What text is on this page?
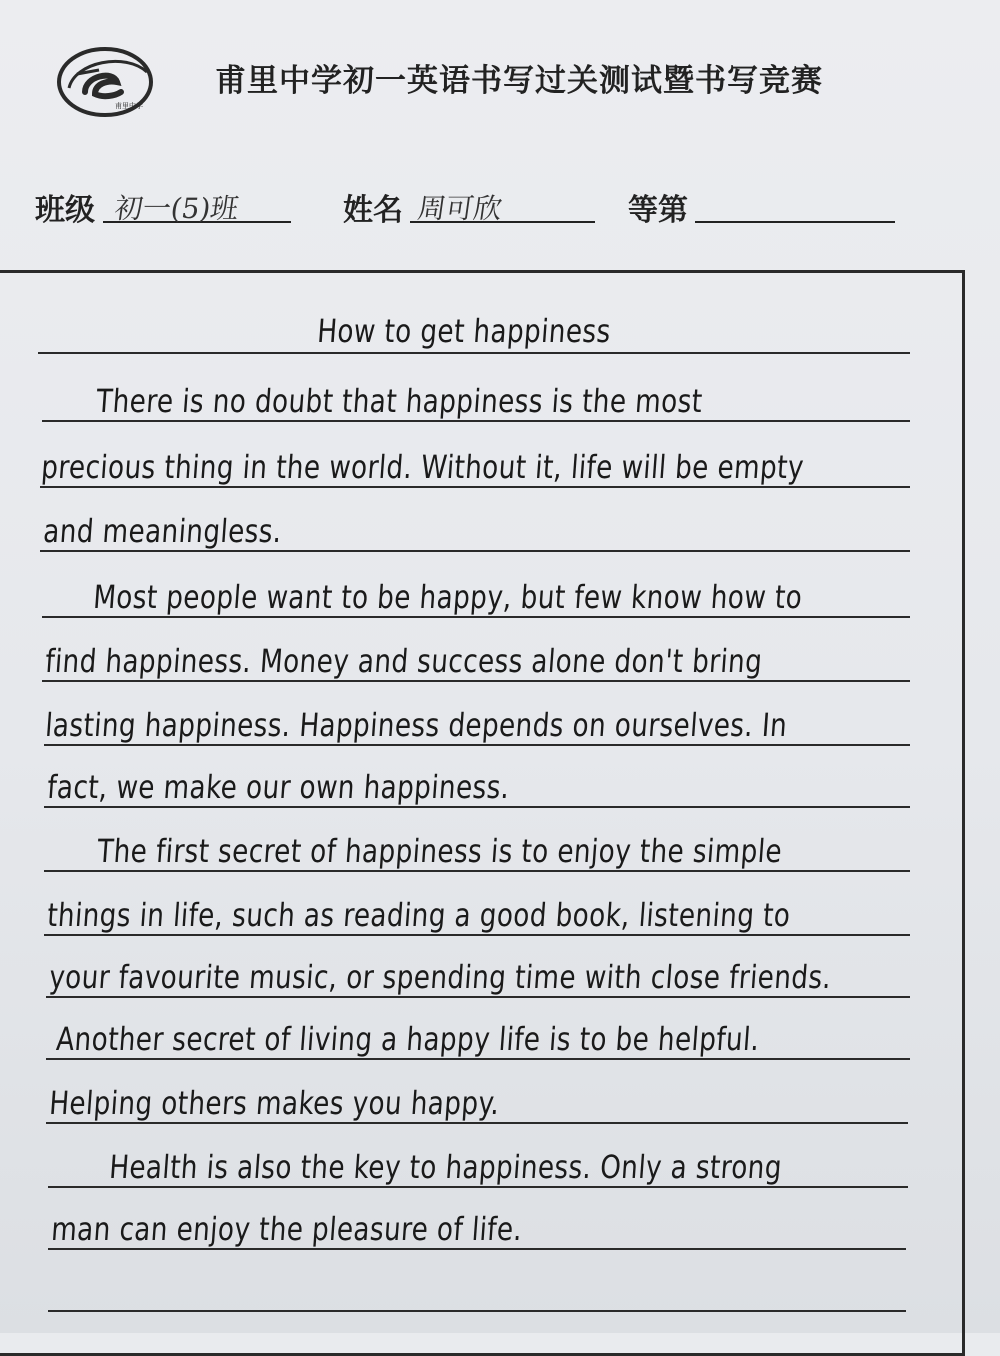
甫里中学
甫里中学初一英语书写过关测试暨书写竞赛
班级 初一(5)班	姓名 周可欣	等第
How to get happiness
There is no doubt that happiness is the most
precious thing in the world. Without it, life will be empty
and meaningless.
Most people want to be happy, but few know how to
find happiness. Money and success alone don't bring
lasting happiness. Happiness depends on ourselves. In
fact, we make our own happiness.
The first secret of happiness is to enjoy the simple
things in life, such as reading a good book, listening to
your favourite music, or spending time with close friends.
Another secret of living a happy life is to be helpful.
Helping others makes you happy.
Health is also the key to happiness. Only a strong
man can enjoy the pleasure of life.
